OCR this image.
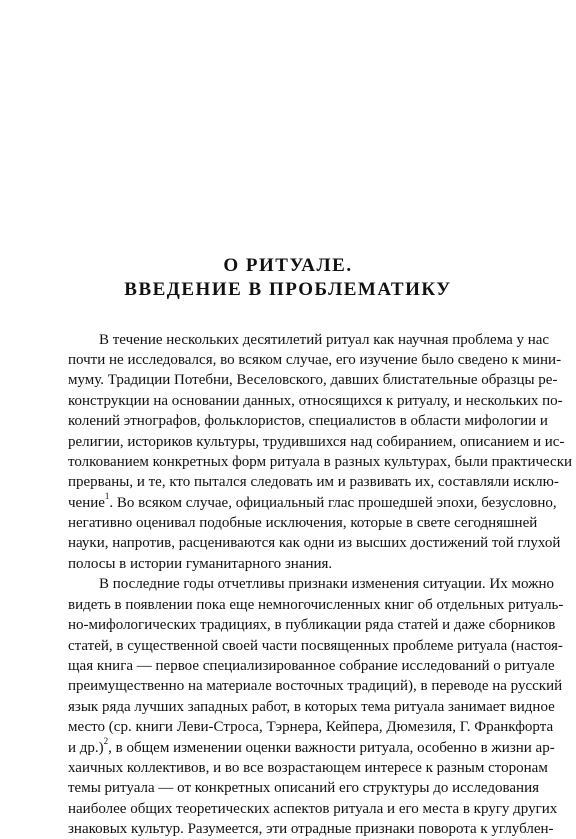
О РИТУАЛЕ.
ВВЕДЕНИЕ В ПРОБЛЕМАТИКУ
В течение нескольких десятилетий ритуал как научная проблема у нас
почти не исследовался, во всяком случае, его изучение было сведено к мини-
муму. Традиции Потебни, Веселовского, давших блистательные образцы ре-
конструкции на основании данных, относящихся к ритуалу, и нескольких по-
колений этнографов, фольклористов, специалистов в области мифологии и
религии, историков культуры, трудившихся над собиранием, описанием и ис-
толкованием конкретных форм ритуала в разных культурах, были практически
прерваны, и те, кто пытался следовать им и развивать их, составляли исклю-
чение$^1$. Во всяком случае, официальный глас прошедшей эпохи, безусловно,
негативно оценивал подобные исключения, которые в свете сегодняшней
науки, напротив, расцениваются как одни из высших достижений той глухой
полосы в истории гуманитарного знания.
В последние годы отчетливы признаки изменения ситуации. Их можно
видеть в появлении пока еще немногочисленных книг об отдельных ритуаль-
но-мифологических традициях, в публикации ряда статей и даже сборников
статей, в существенной своей части посвященных проблеме ритуала (настоя-
щая книга — первое специализированное собрание исследований о ритуале
преимущественно на материале восточных традиций), в переводе на русский
язык ряда лучших западных работ, в которых тема ритуала занимает видное
место (ср. книги Леви-Строса, Тэрнера, Кейпера, Дюмезиля, Г. Франкфорта
и др.)$^2$, в общем изменении оценки важности ритуала, особенно в жизни ар-
хаичных коллективов, и во все возрастающем интересе к разным сторонам
темы ритуала — от конкретных описаний его структуры до исследования
наиболее общих теоретических аспектов ритуала и его места в кругу других
знаковых культур. Разумеется, эти отрадные признаки поворота к углублен-
